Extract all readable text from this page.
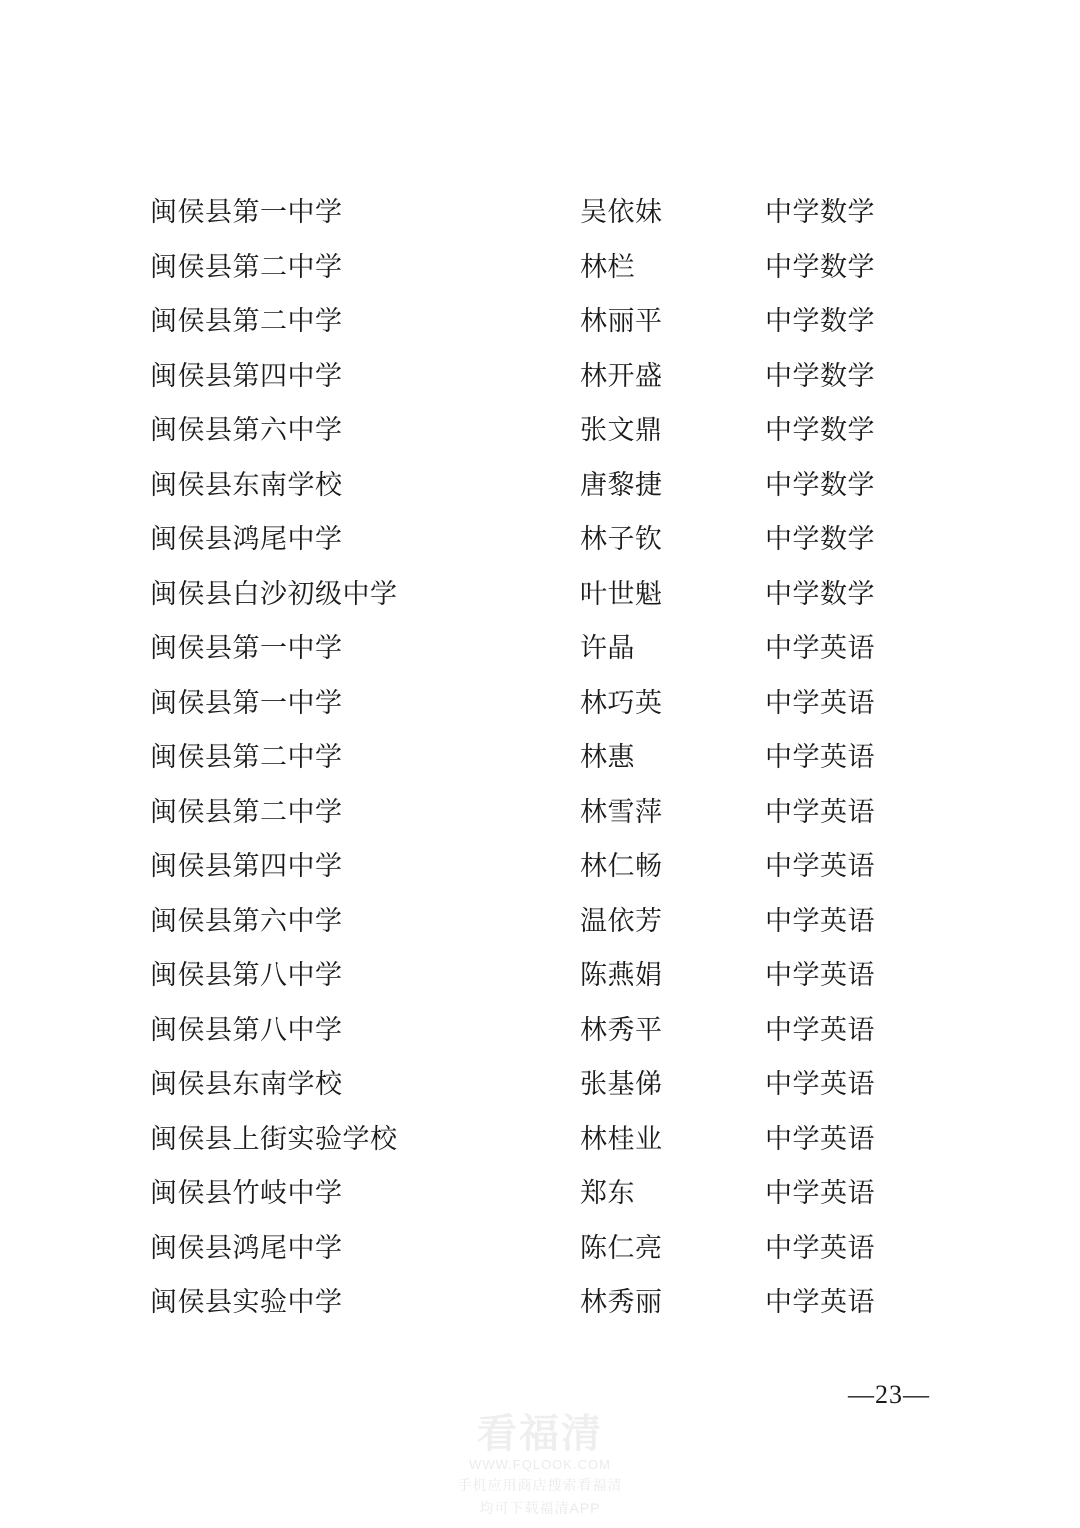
闽侯县第一中学	吴依妹	中学数学
闽侯县第二中学	林栏	中学数学
闽侯县第二中学	林丽平	中学数学
闽侯县第四中学	林开盛	中学数学
闽侯县第六中学	张文鼎	中学数学
闽侯县东南学校	唐黎捷	中学数学
闽侯县鸿尾中学	林子钦	中学数学
闽侯县白沙初级中学	叶世魁	中学数学
闽侯县第一中学	许晶	中学英语
闽侯县第一中学	林巧英	中学英语
闽侯县第二中学	林惠	中学英语
闽侯县第二中学	林雪萍	中学英语
闽侯县第四中学	林仁畅	中学英语
闽侯县第六中学	温依芳	中学英语
闽侯县第八中学	陈燕娟	中学英语
闽侯县第八中学	林秀平	中学英语
闽侯县东南学校	张基俤	中学英语
闽侯县上街实验学校	林桂业	中学英语
闽侯县竹岐中学	郑东	中学英语
闽侯县鸿尾中学	陈仁亮	中学英语
闽侯县实验中学	林秀丽	中学英语
—23—
看福清
WWW.FQLOOK.COM
手机应用商店搜索看福清
均可下载福清APP
